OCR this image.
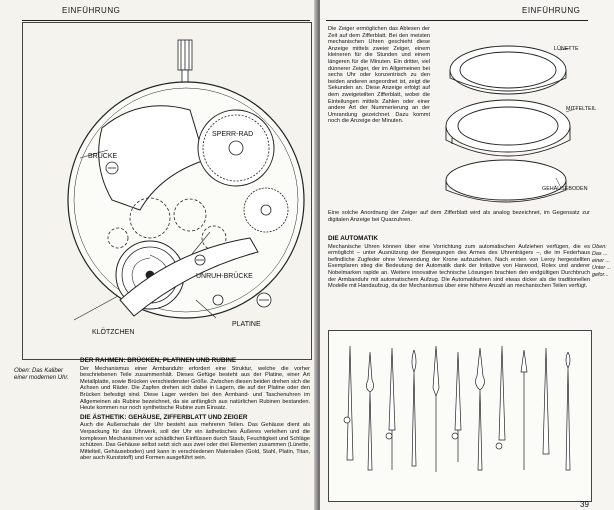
EINFÜHRUNG
SPERR-RAD
BRÜCKE
UNRUH-BRÜCKE
KLÖTZCHEN
PLATINE
Oben: Das Kaliber einer modernen Uhr.
DER RAHMEN: BRÜCKEN, PLATINEN UND RUBINE

Der Mechanismus einer Armbanduhr erfordert eine Struktur, welche die vorher beschriebenen Teile zusammenhält. Dieses Gefüge besteht aus der Platine, einer Art Metallplatte, sowie Brücken verschiedenster Größe. Zwischen diesen beiden drehen sich die Achsen und Räder. Die Zapfen drehen sich dabei in Lagern, die auf der Platine oder den Brücken befestigt sind. Diese Lager werden bei den Armband- und Taschenuhren im Allgemeinen als Rubine bezeichnet, da sie anfänglich aus natürlichen Rubinen bestanden. Heute kommen nur noch synthetische Rubine zum Einsatz.

DIE ÄSTHETIK: GEHÄUSE, ZIFFERBLATT UND ZEIGER

Auch die Außenschale der Uhr besteht aus mehreren Teilen. Das Gehäuse dient als Verpackung für das Uhrwerk, soll der Uhr ein ästhetisches Äußeres verleihen und die komplexen Mechanismen vor schädlichen Einflüssen durch Staub, Feuchtigkeit und Schläge schützen. Das Gehäuse selbst setzt sich aus zwei oder drei Elementen zusammen (Lünette, Mittelteil, Gehäuseboden) und kann in verschiedenen Materialien (Gold, Stahl, Platin, Titan, aber auch Kunststoff) und Formen ausgeführt sein.

EINFÜHRUNG

Die Zeiger ermöglichen das Ablesen der Zeit auf dem Zifferblatt. Bei den meisten mechanischen Uhren geschieht diese Anzeige mittels zweier Zeiger, einem kleineren für die Stunden und einem längeren für die Minuten. Ein dritter, viel dünnerer Zeiger, der im Allgemeinen bei sechs Uhr oder konzentrisch zu den beiden anderen angeordnet ist, zeigt die Sekunden an. Diese Anzeige erfolgt auf dem zweigeteilten Zifferblatt, wobei die Einteilungen mittels Zahlen oder einer andere Art der Nummerierung an der Umrandung gezeichnet. Dazu kommt noch die Anzeige der Minuten.

Eine solche Anordnung der Zeiger auf dem Zifferblatt wird als analog bezeichnet, im Gegensatz zur digitalen Anzeige bei Quarzuhren.
LÜNETTE
MITTELTEIL
GEHÄUSEBODEN
Oben: Das ... einer ... Unter ... gefor...
DIE AUTOMATIK

Mechanische Uhren können über eine Vorrichtung zum automatischen Aufziehen verfügen, die es ermöglicht – unter Ausnützung der Bewegungen des Armes des Uhrenträgers –, die im Federhaus befindliche Zugfeder ohne Verwendung der Krone aufzuziehen. Nach ersten von Leroy hergestellten Exemplaren stieg die Bedeutung der Automatik dank der Initiative von Harwood, Rolex und anderer Nobelmarken rapide an. Weitere innovative technische Lösungen brachten den endgültigen Durchbruch der Armbanduhr mit automatischem Aufzug. Die Automatikuhren sind etwas dicker als die traditionellen Modelle mit Handaufzug, da der Mechanismus über eine höhere Anzahl an mechanischen Teilen verfügt.

39
